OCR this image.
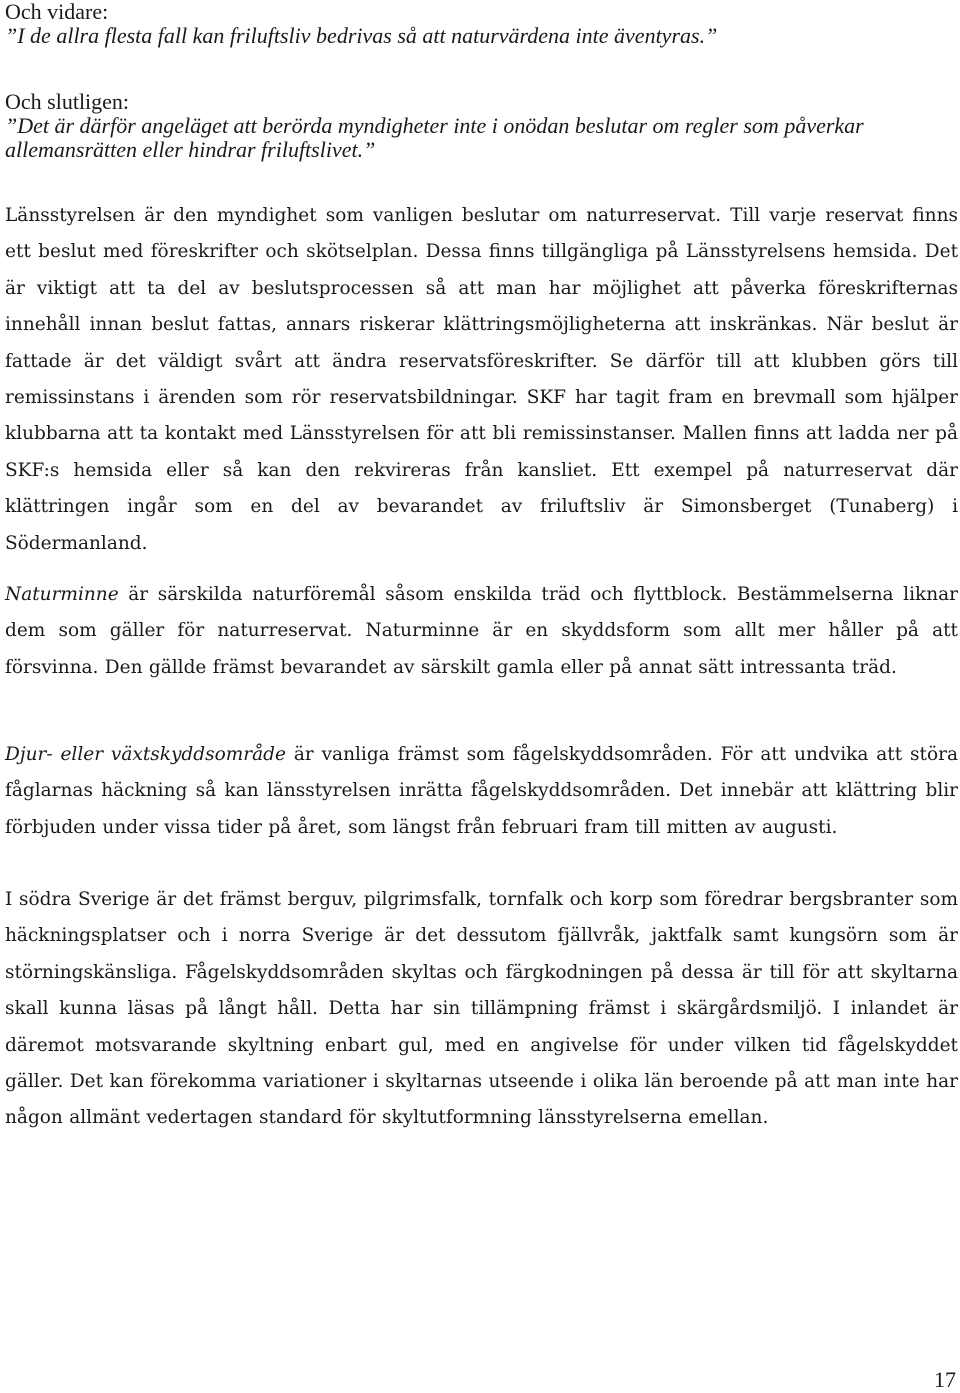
Och vidare:
”I de allra flesta fall kan friluftsliv bedrivas så att naturvärdena inte äventyras.”
Och slutligen:
”Det är därför angeläget att berörda myndigheter inte i onödan beslutar om regler som påverkar allemansrätten eller hindrar friluftslivet.”

Länsstyrelsen är den myndighet som vanligen beslutar om naturreservat. Till varje reservat finns ett beslut med föreskrifter och skötselplan. Dessa finns tillgängliga på Länsstyrelsens hemsida. Det är viktigt att ta del av beslutsprocessen så att man har möjlighet att påverka föreskrifternas innehåll innan beslut fattas, annars riskerar klättringsmöjligheterna att inskränkas. När beslut är fattade är det väldigt svårt att ändra reservatsföreskrifter. Se därför till att klubben görs till remissinstans i ärenden som rör reservatsbildningar. SKF har tagit fram en brevmall som hjälper klubbarna att ta kontakt med Länsstyrelsen för att bli remissinstanser. Mallen finns att ladda ner på SKF:s hemsida eller så kan den rekvireras från kansliet. Ett exempel på naturreservat där klättringen ingår som en del av bevarandet av friluftsliv är Simonsberget (Tunaberg) i Södermanland.

Naturminne är särskilda naturföremål såsom enskilda träd och flyttblock. Bestämmelserna liknar dem som gäller för naturreservat. Naturminne är en skyddsform som allt mer håller på att försvinna. Den gällde främst bevarandet av särskilt gamla eller på annat sätt intressanta träd.

Djur- eller växtskyddsområde är vanliga främst som fågelskyddsområden. För att undvika att störa fåglarnas häckning så kan länsstyrelsen inrätta fågelskyddsområden. Det innebär att klättring blir förbjuden under vissa tider på året, som längst från februari fram till mitten av augusti.

I södra Sverige är det främst berguv, pilgrimsfalk, tornfalk och korp som föredrar bergsbranter som häckningsplatser och i norra Sverige är det dessutom fjällvråk, jaktfalk samt kungsörn som är störningskänsliga. Fågelskyddsområden skyltas och färgkodningen på dessa är till för att skyltarna skall kunna läsas på långt håll. Detta har sin tillämpning främst i skärgårdsmiljö. I inlandet är däremot motsvarande skyltning enbart gul, med en angivelse för under vilken tid fågelskyddet gäller. Det kan förekomma variationer i skyltarnas utseende i olika län beroende på att man inte har någon allmänt vedertagen standard för skyltutformning länsstyrelserna emellan.

17
